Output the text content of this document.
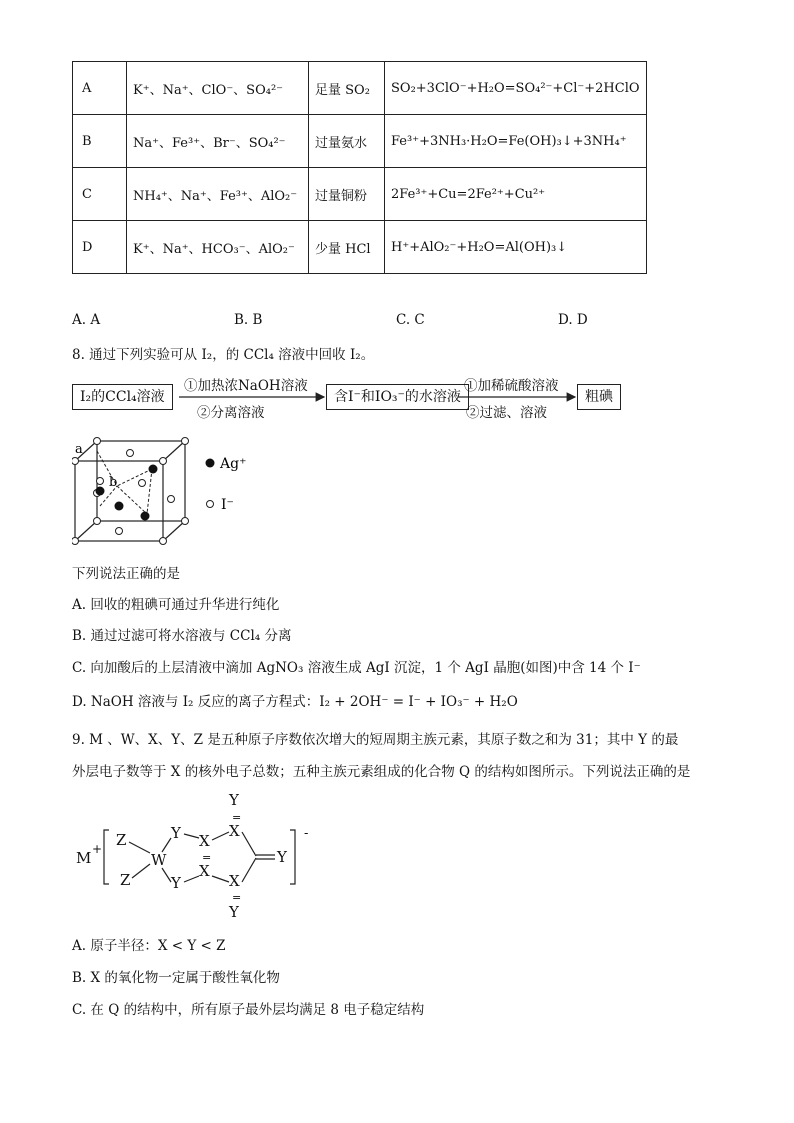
A	K⁺、Na⁺、ClO⁻、SO₄²⁻	足量 SO₂	SO₂+3ClO⁻+H₂O=SO₄²⁻+Cl⁻+2HClO
B	Na⁺、Fe³⁺、Br⁻、SO₄²⁻	过量氨水	Fe³⁺+3NH₃·H₂O=Fe(OH)₃↓+3NH₄⁺
C	NH₄⁺、Na⁺、Fe³⁺、AlO₂⁻	过量铜粉	2Fe³⁺+Cu=2Fe²⁺+Cu²⁺
D	K⁺、Na⁺、HCO₃⁻、AlO₂⁻	少量 HCl	H⁺+AlO₂⁻+H₂O=Al(OH)₃↓
A. A	B. B	C. C	D. D
8. 通过下列实验可从 I₂，的 CCl₄ 溶液中回收 I₂。
I₂的CCl₄溶液
①加热浓NaOH溶液
②分离溶液
含I⁻和IO₃⁻的水溶液
①加稀硫酸溶液
②过滤、溶液
粗碘
a
b
Ag⁺
I⁻
下列说法正确的是
A. 回收的粗碘可通过升华进行纯化
B. 通过过滤可将水溶液与 CCl₄ 分离
C. 向加酸后的上层清液中滴加 AgNO₃ 溶液生成 AgI 沉淀，1 个 AgI 晶胞(如图)中含 14 个 I⁻
D. NaOH 溶液与 I₂ 反应的离子方程式：I₂ + 2OH⁻ = I⁻ + IO₃⁻ + H₂O
9. M 、W、X、Y、Z 是五种原子序数依次增大的短周期主族元素，其原子数之和为 31；其中 Y 的最
外层电子数等于 X 的核外电子总数；五种主族元素组成的化合物 Q 的结构如图所示。下列说法正确的是
M + Z
Z
W
Y
Y
X
X
X
X
Y
Y
Y
-
=
=
=
A. 原子半径：X < Y < Z
B. X 的氧化物一定属于酸性氧化物
C. 在 Q 的结构中，所有原子最外层均满足 8 电子稳定结构
